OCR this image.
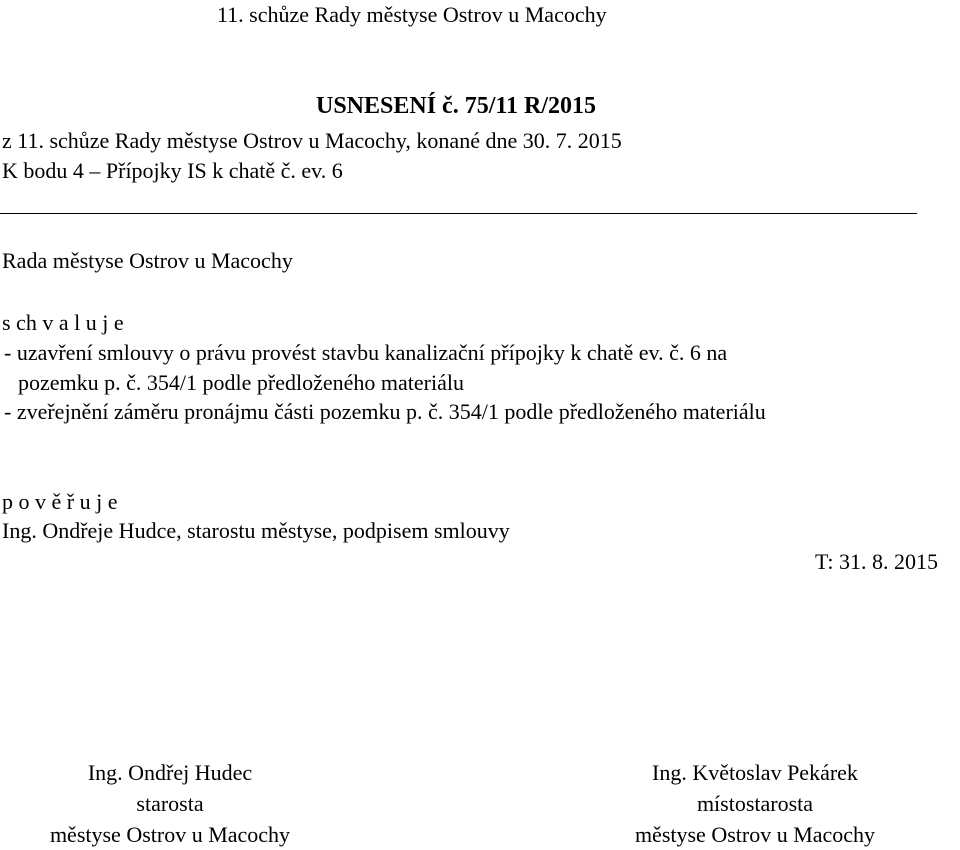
11. schůze Rady městyse Ostrov u Macochy
USNESENÍ č. 75/11 R/2015
z 11. schůze Rady městyse Ostrov u Macochy, konané dne 30. 7. 2015
K bodu 4 – Přípojky IS k chatě č. ev. 6
Rada městyse Ostrov u Macochy
s ch v a l u j e
- uzavření smlouvy o právu provést stavbu kanalizační přípojky k chatě ev. č. 6 na
pozemku p. č. 354/1 podle předloženého materiálu
- zveřejnění záměru pronájmu části pozemku p. č. 354/1 podle předloženého materiálu
p o v ě ř u j e
Ing. Ondřeje Hudce, starostu městyse, podpisem smlouvy
T: 31. 8. 2015
Ing. Ondřej Hudec
starosta
městyse Ostrov u Macochy
Ing. Květoslav Pekárek
místostarosta
městyse Ostrov u Macochy
